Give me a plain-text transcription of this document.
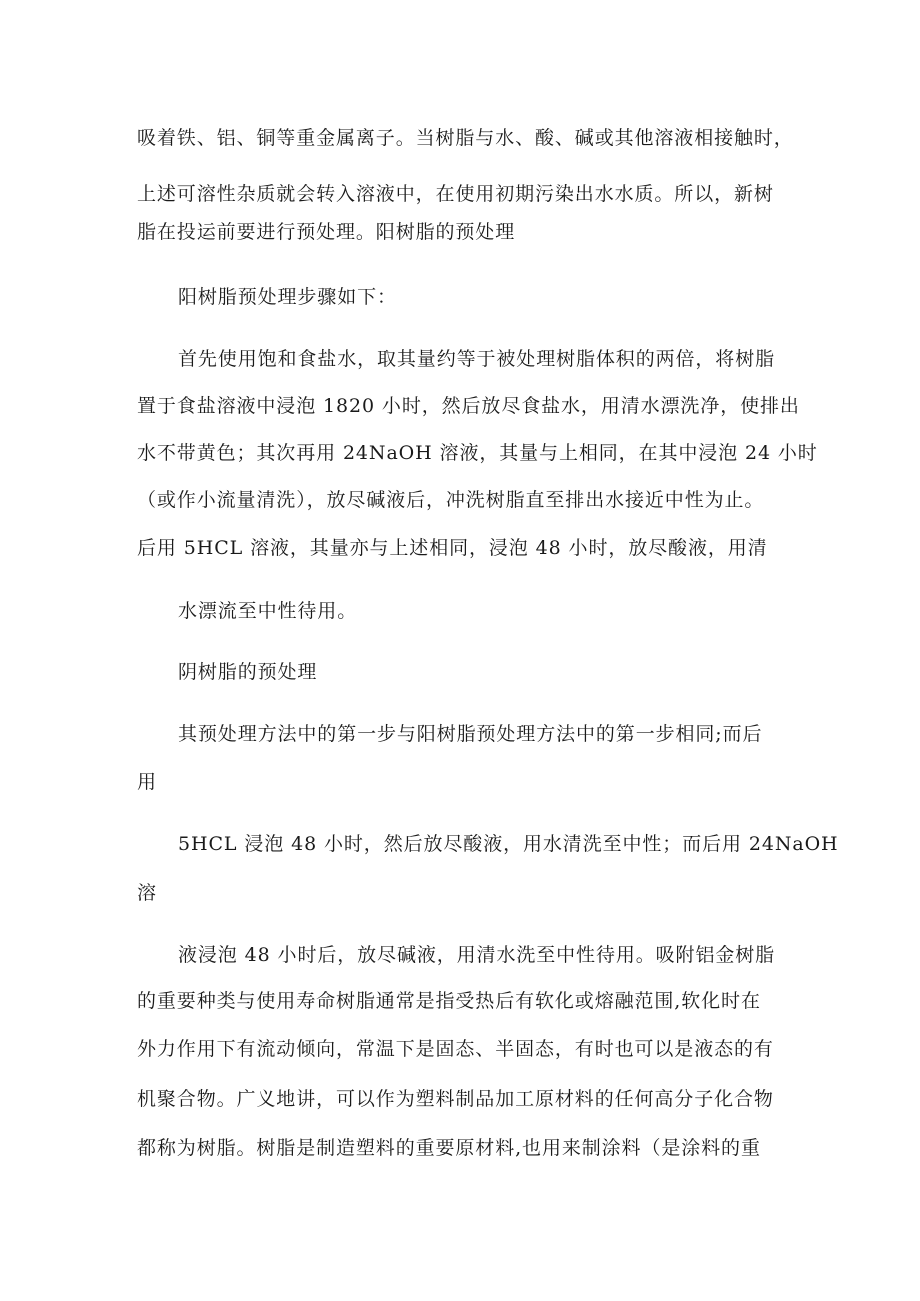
吸着铁、铝、铜等重金属离子。当树脂与水、酸、碱或其他溶液相接触时，
上述可溶性杂质就会转入溶液中，在使用初期污染出水水质。所以，新树
脂在投运前要进行预处理。阳树脂的预处理
阳树脂预处理步骤如下：
首先使用饱和食盐水，取其量约等于被处理树脂体积的两倍，将树脂
置于食盐溶液中浸泡 1820 小时，然后放尽食盐水，用清水漂洗净，使排出
水不带黄色；其次再用 24NaOH 溶液，其量与上相同，在其中浸泡 24 小时
（或作小流量清洗），放尽碱液后，冲洗树脂直至排出水接近中性为止。
后用 5HCL 溶液，其量亦与上述相同，浸泡 48 小时，放尽酸液，用清
水漂流至中性待用。
阴树脂的预处理
其预处理方法中的第一步与阳树脂预处理方法中的第一步相同;而后
用
5HCL 浸泡 48 小时，然后放尽酸液，用水清洗至中性；而后用 24NaOH
溶
液浸泡 48 小时后，放尽碱液，用清水洗至中性待用。吸附铝金树脂
的重要种类与使用寿命树脂通常是指受热后有软化或熔融范围,软化时在
外力作用下有流动倾向，常温下是固态、半固态，有时也可以是液态的有
机聚合物。广义地讲，可以作为塑料制品加工原材料的任何高分子化合物
都称为树脂。树脂是制造塑料的重要原材料,也用来制涂料（是涂料的重
